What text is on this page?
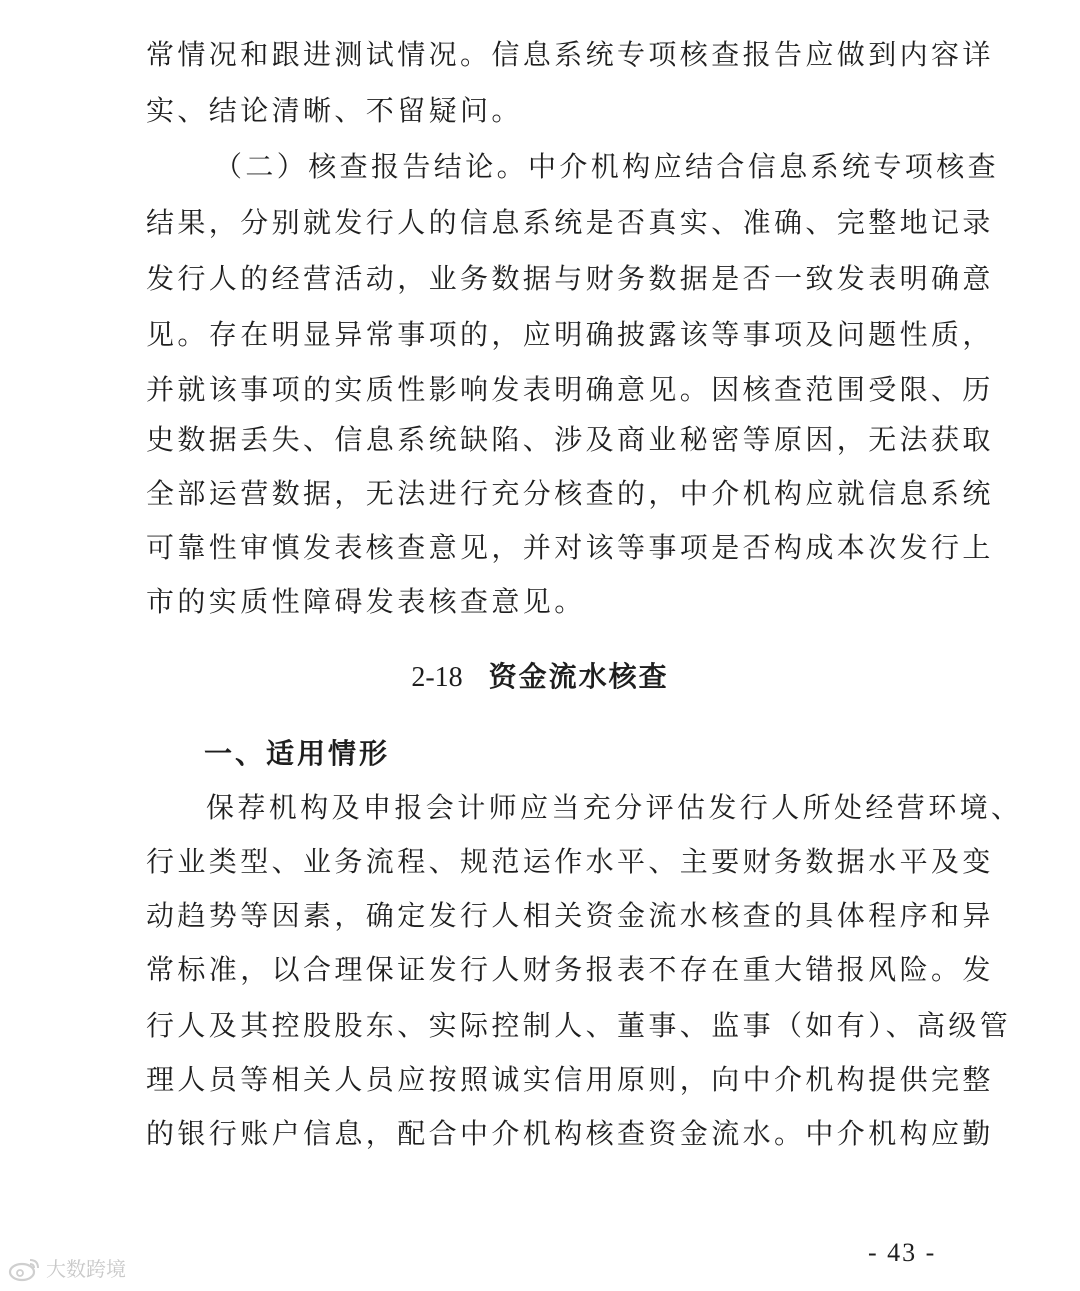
常情况和跟进测试情况。信息系统专项核查报告应做到内容详
实、结论清晰、不留疑问。
（二）核查报告结论。中介机构应结合信息系统专项核查
结果，分别就发行人的信息系统是否真实、准确、完整地记录
发行人的经营活动，业务数据与财务数据是否一致发表明确意
见。存在明显异常事项的，应明确披露该等事项及问题性质，
并就该事项的实质性影响发表明确意见。因核查范围受限、历
史数据丢失、信息系统缺陷、涉及商业秘密等原因，无法获取
全部运营数据，无法进行充分核查的，中介机构应就信息系统
可靠性审慎发表核查意见，并对该等事项是否构成本次发行上
市的实质性障碍发表核查意见。
2-18 资金流水核查
一、适用情形
保荐机构及申报会计师应当充分评估发行人所处经营环境、
行业类型、业务流程、规范运作水平、主要财务数据水平及变
动趋势等因素，确定发行人相关资金流水核查的具体程序和异
常标准，以合理保证发行人财务报表不存在重大错报风险。发
行人及其控股股东、实际控制人、董事、监事（如有）、高级管
理人员等相关人员应按照诚实信用原则，向中介机构提供完整
的银行账户信息，配合中介机构核查资金流水。中介机构应勤
- 43 -
大数跨境
